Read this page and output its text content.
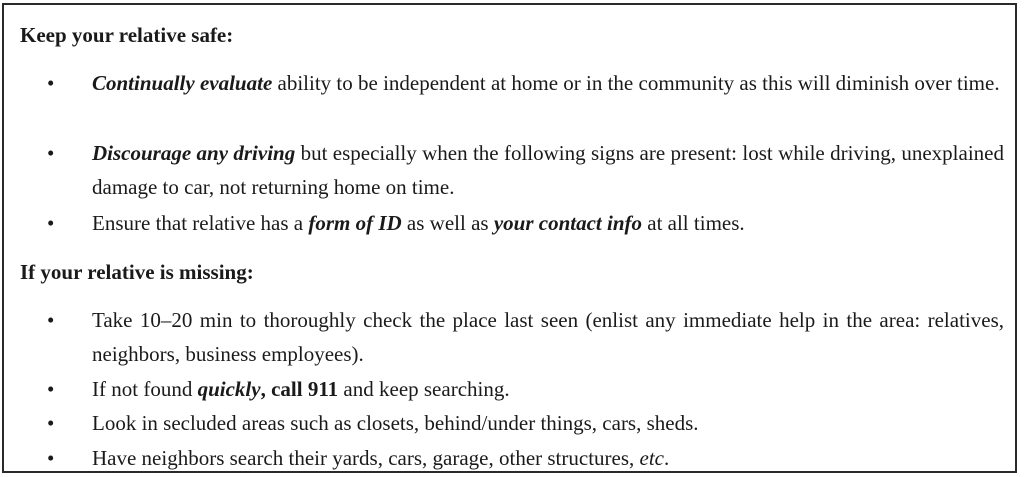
Keep your relative safe:
• Continually evaluate ability to be independent at home or in the community as this will diminish over time.
• Discourage any driving but especially when the following signs are present: lost while driving, unexplained damage to car, not returning home on time.
• Ensure that relative has a form of ID as well as your contact info at all times.
If your relative is missing:
• Take 10–20 min to thoroughly check the place last seen (enlist any immediate help in the area: relatives, neighbors, business employees).
• If not found quickly, call 911 and keep searching.
• Look in secluded areas such as closets, behind/under things, cars, sheds.
• Have neighbors search their yards, cars, garage, other structures, etc.
